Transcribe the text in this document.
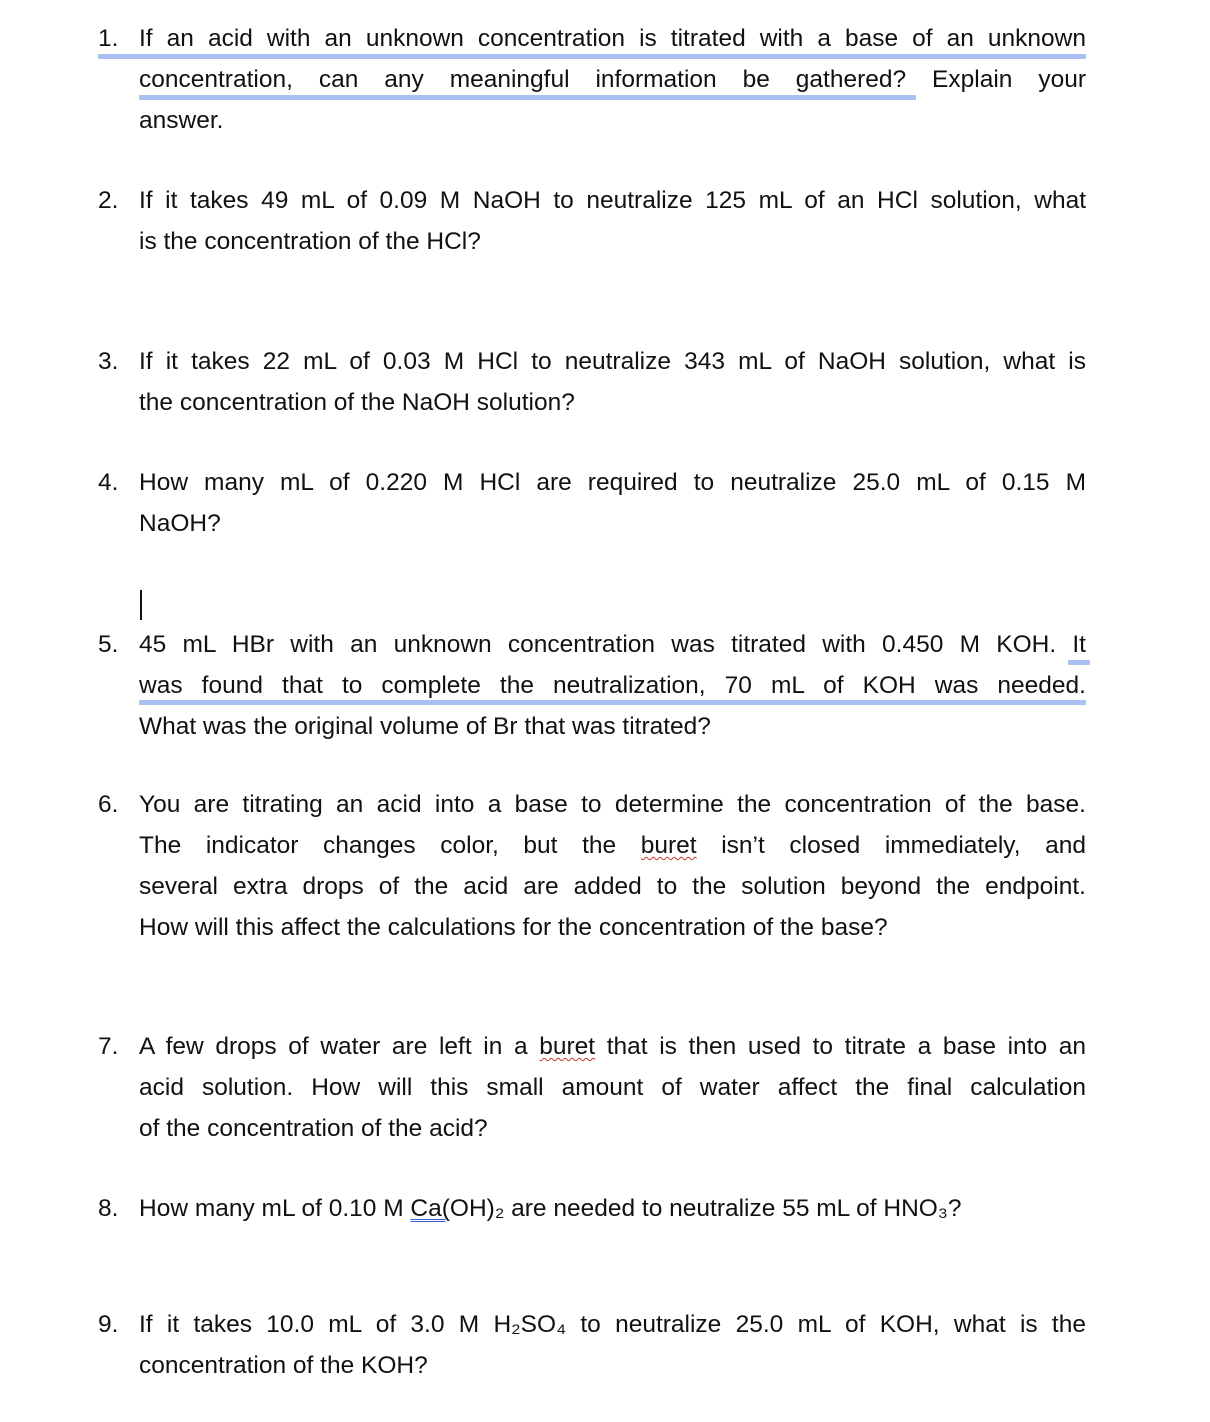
1. If an acid with an unknown concentration is titrated with a base of an unknown
concentration, can any meaningful information be gathered? Explain your
answer.
2. If it takes 49 mL of 0.09 M NaOH to neutralize 125 mL of an HCl solution, what
is the concentration of the HCl?
3. If it takes 22 mL of 0.03 M HCl to neutralize 343 mL of NaOH solution, what is
the concentration of the NaOH solution?
4. How many mL of 0.220 M HCl are required to neutralize 25.0 mL of 0.15 M
NaOH?
5. 45 mL HBr with an unknown concentration was titrated with 0.450 M KOH. It
was found that to complete the neutralization, 70 mL of KOH was needed.
What was the original volume of Br that was titrated?
6. You are titrating an acid into a base to determine the concentration of the base.
The indicator changes color, but the buret isn’t closed immediately, and
several extra drops of the acid are added to the solution beyond the endpoint.
How will this affect the calculations for the concentration of the base?
7. A few drops of water are left in a buret that is then used to titrate a base into an
acid solution. How will this small amount of water affect the final calculation
of the concentration of the acid?
8. How many mL of 0.10 M Ca(OH)₂ are needed to neutralize 55 mL of HNO₃?
9. If it takes 10.0 mL of 3.0 M H₂SO₄ to neutralize 25.0 mL of KOH, what is the
concentration of the KOH?
